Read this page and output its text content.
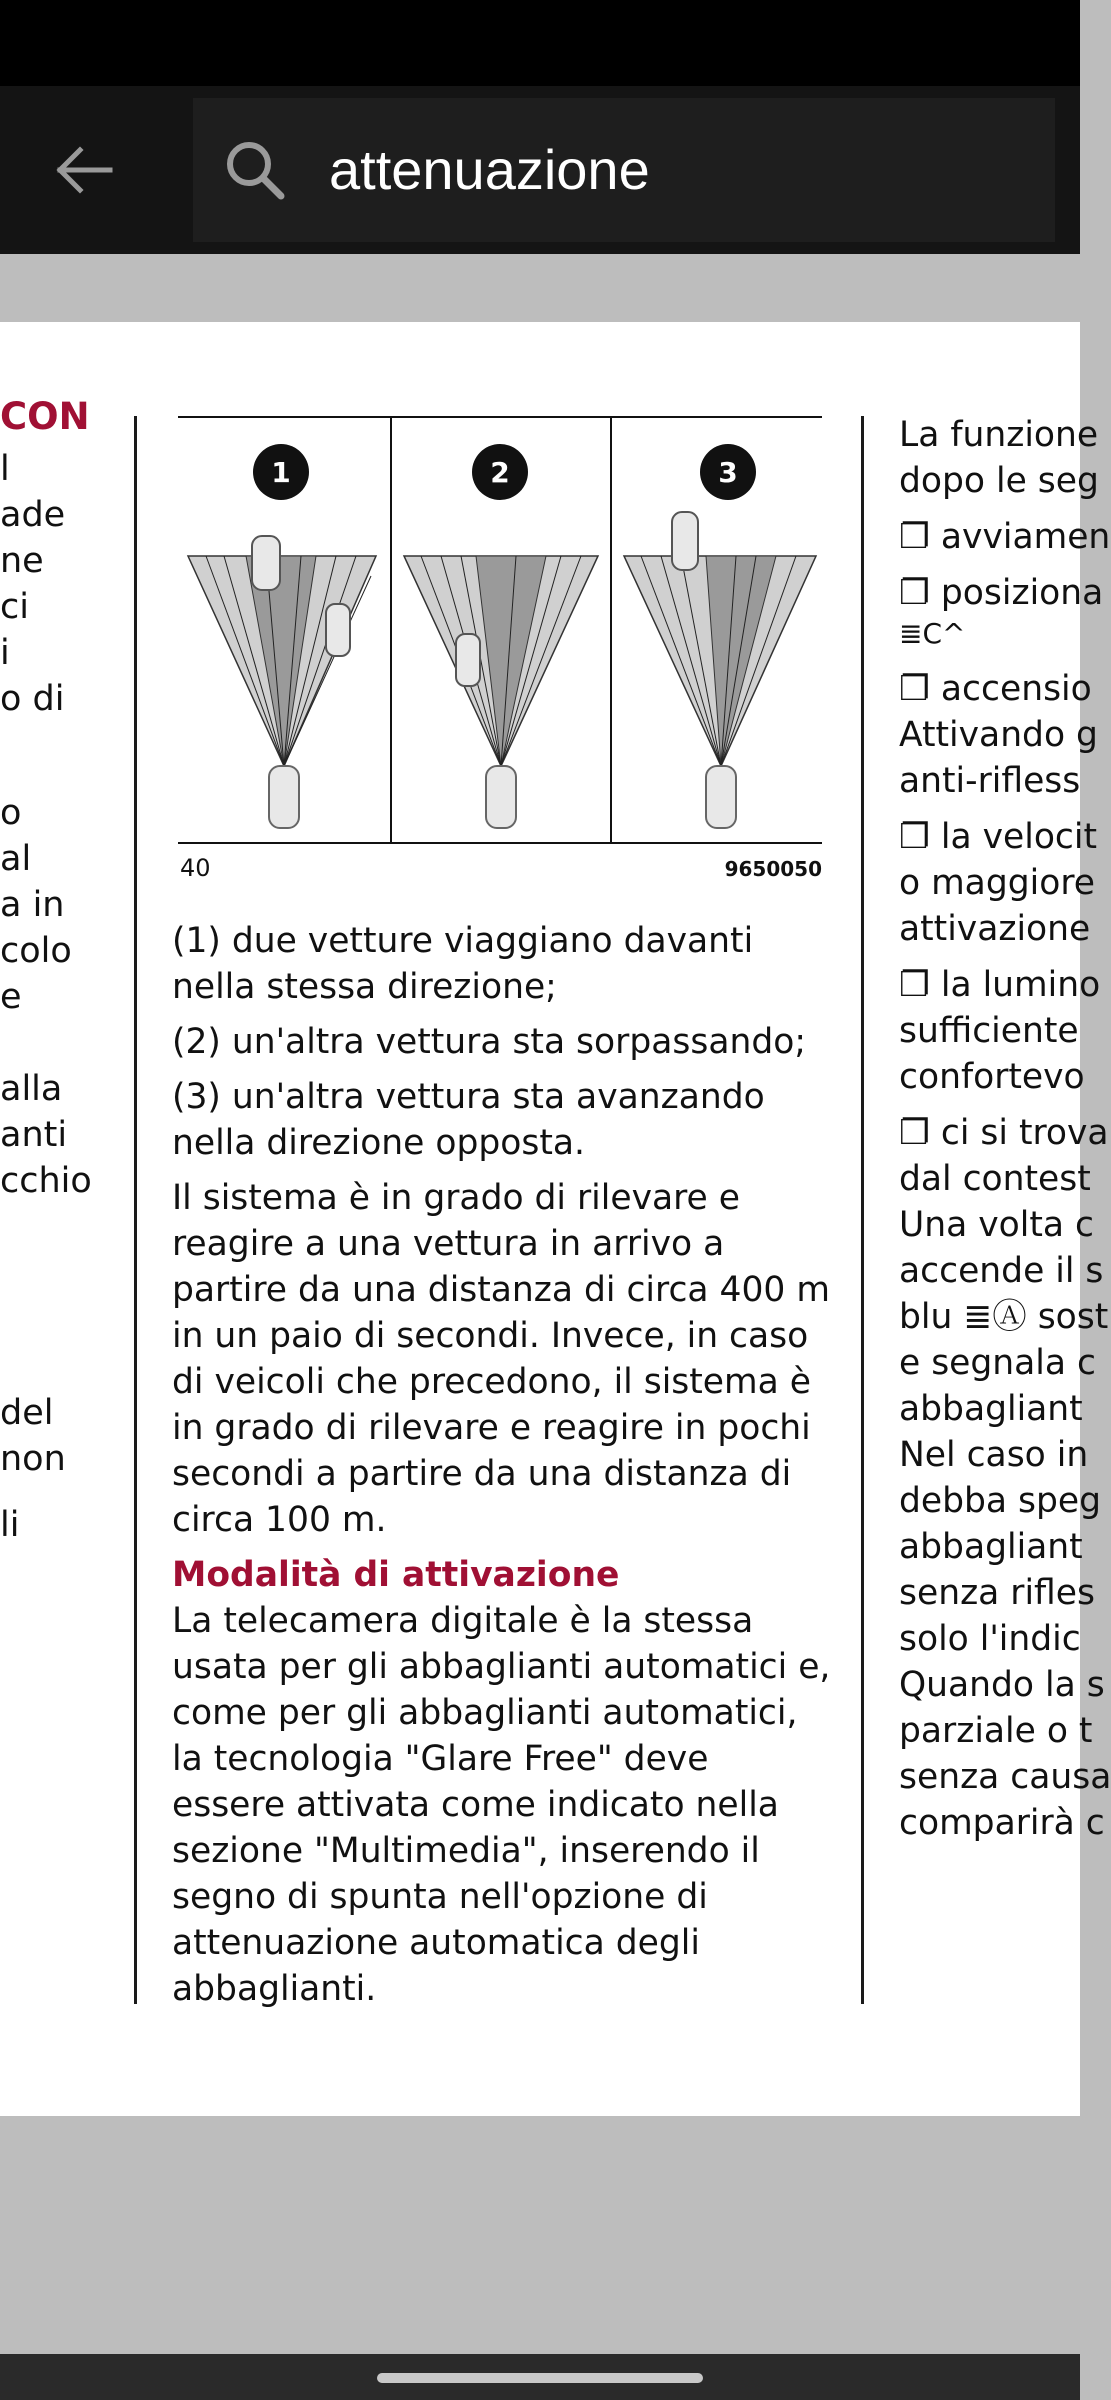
attenuazione
CON
l
ade
ne
ci
i
o di
o
al
a in
colo
e
alla
anti
cchio
del
non
li
1	2	3
40	9650050

(1) due vetture viaggiano davanti nella stessa direzione;

(2) un'altra vettura sta sorpassando;

(3) un'altra vettura sta avanzando nella direzione opposta.

Il sistema è in grado di rilevare e reagire a una vettura in arrivo a partire da una distanza di circa 400 m in un paio di secondi. Invece, in caso di veicoli che precedono, il sistema è in grado di rilevare e reagire in pochi secondi a partire da una distanza di circa 100 m.

Modalità di attivazione

La telecamera digitale è la stessa usata per gli abbaglianti automatici e, come per gli abbaglianti automatici, la tecnologia "Glare Free" deve essere attivata come indicato nella sezione "Multimedia", inserendo il segno di spunta nell'opzione di attenuazione automatica degli abbaglianti.

La funzione
dopo le seg
❐ avviamen
❐ posiziona
≣C^
❐ accensio
Attivando g
anti-rifless
❐ la velocit
o maggiore
attivazione
❐ la lumino
sufficiente
confortevo
❐ ci si trova
dal contest
Una volta c
accende il s
blu ≣Ⓐ sost
e segnala c
abbagliant
Nel caso in
debba speg
abbagliant
senza rifles
solo l'indic
Quando la s
parziale o t
senza causa
comparirà c
